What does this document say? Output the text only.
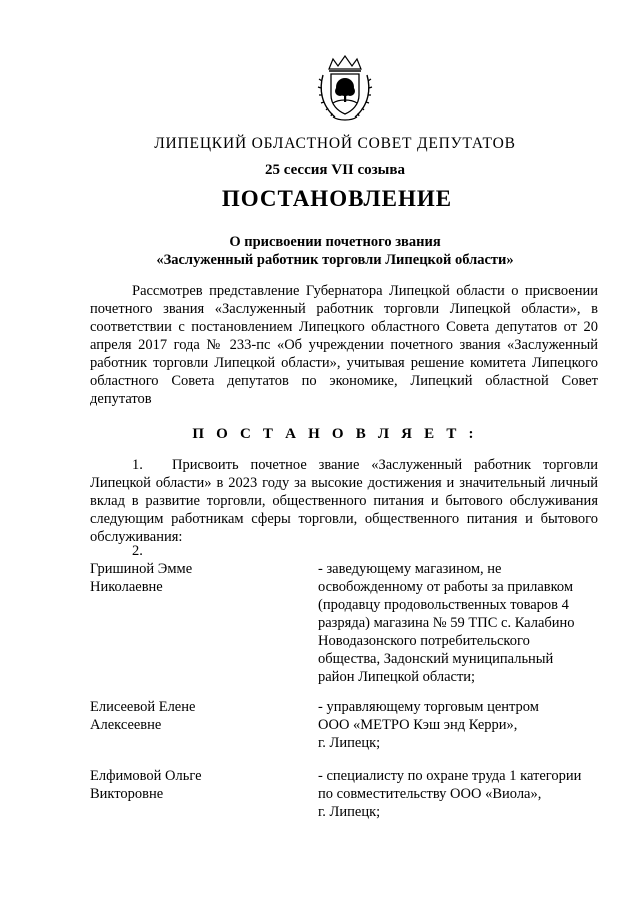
ЛИПЕЦКИЙ ОБЛАСТНОЙ СОВЕТ ДЕПУТАТОВ
25 сессия VII созыва
ПОСТАНОВЛЕНИЕ
О присвоении почетного звания
«Заслуженный работник торговли Липецкой области»
Рассмотрев представление Губернатора Липецкой области о присвоении почетного звания «Заслуженный работник торговли Липецкой области», в соответствии с постановлением Липецкого областного Совета депутатов от 20 апреля 2017 года № 233-пс «Об учреждении почетного звания «Заслуженный работник торговли Липецкой области», учитывая решение комитета Липецкого областного Совета депутатов по экономике, Липецкий областной Совет депутатов
П О С Т А Н О В Л Я Е Т :
1. Присвоить почетное звание «Заслуженный работник торговли Липецкой области» в 2023 году за высокие достижения и значительный личный вклад в развитие торговли, общественного питания и бытового обслуживания следующим работникам сферы торговли, общественного питания и бытового обслуживания:
2.
Гришиной Эмме
Николаевне
- заведующему магазином, не
освобожденному от работы за прилавком
(продавцу продовольственных товаров 4
разряда) магазина № 59 ТПС с. Калабино
Новодазонского потребительского
общества, Задонский муниципальный
район Липецкой области;
Елисеевой Елене
Алексеевне
- управляющему торговым центром
ООО «МЕТРО Кэш энд Керри»,
г. Липецк;
Елфимовой Ольге
Викторовне
- специалисту по охране труда 1 категории
по совместительству ООО «Виола»,
г. Липецк;
